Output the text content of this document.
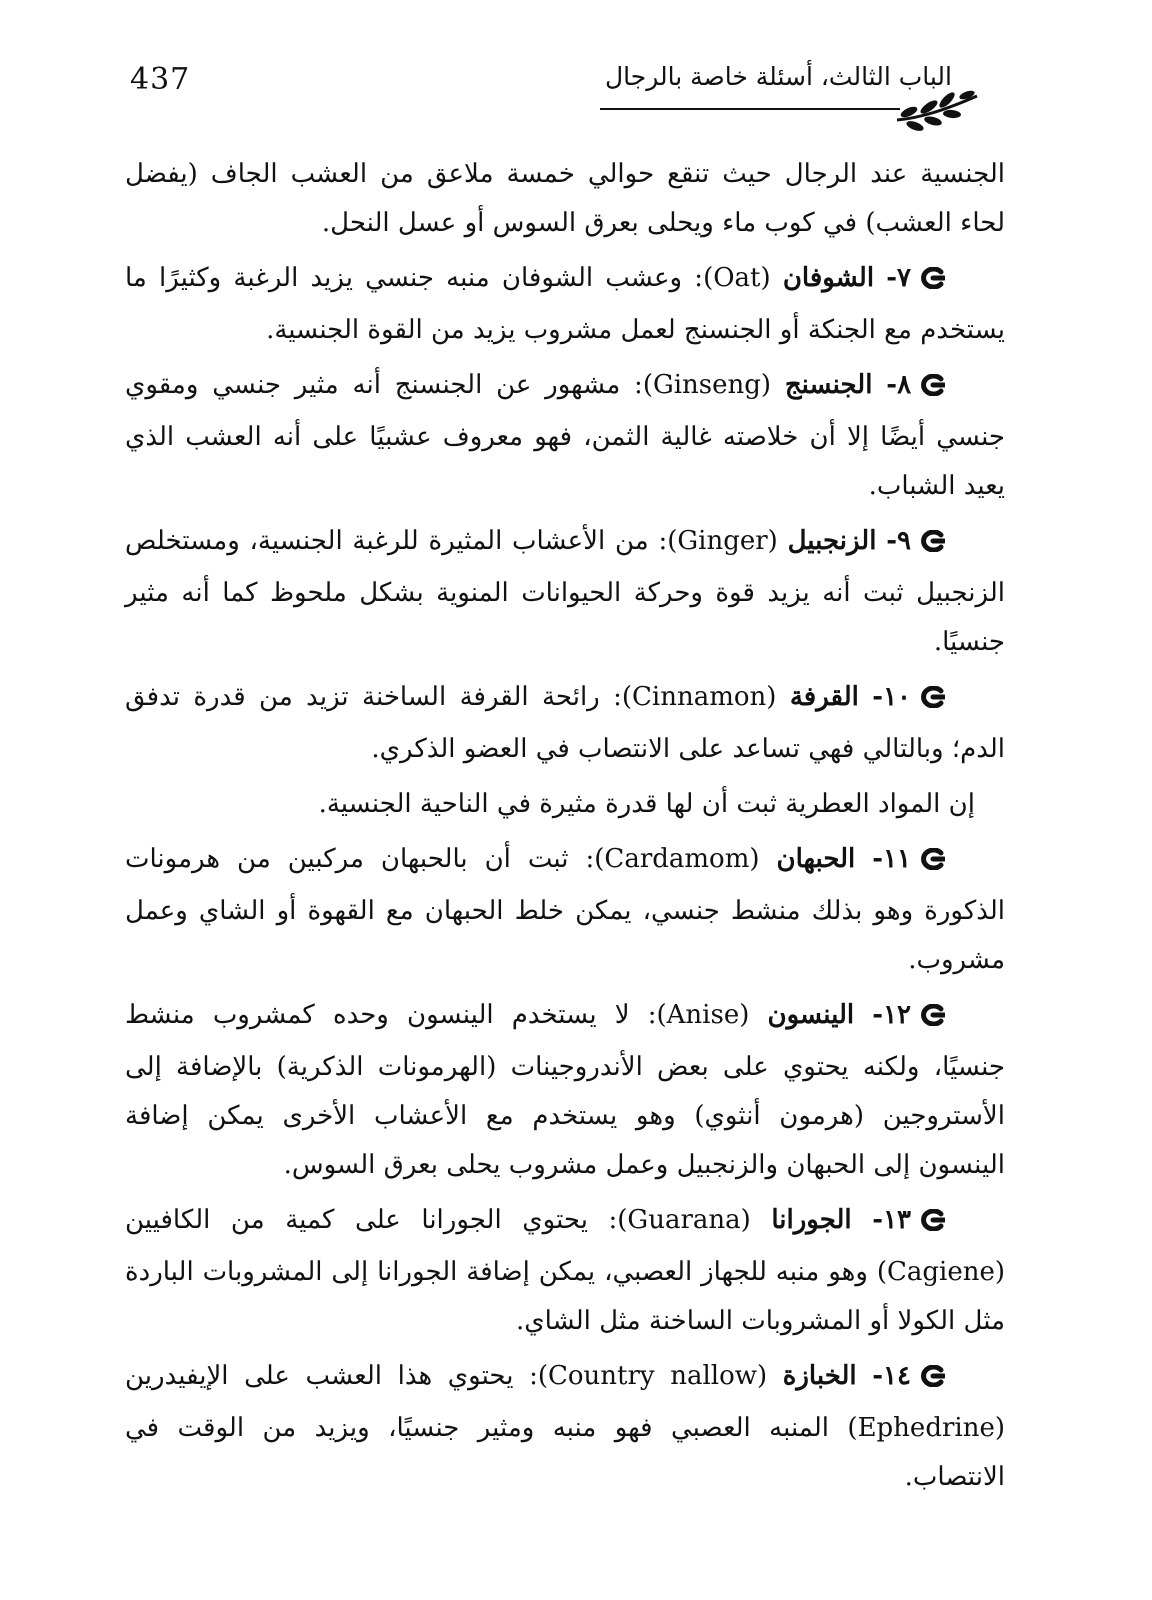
437	الباب الثالث، أسئلة خاصة بالرجال

الجنسية عند الرجال حيث تنقع حوالي خمسة ملاعق من العشب الجاف (يفضل لحاء العشب) في كوب ماء ويحلى بعرق السوس أو عسل النحل.

٧- الشوفان (Oat): وعشب الشوفان منبه جنسي يزيد الرغبة وكثيرًا ما يستخدم مع الجنكة أو الجنسنج لعمل مشروب يزيد من القوة الجنسية.

٨- الجنسنج (Ginseng): مشهور عن الجنسنج أنه مثير جنسي ومقوي جنسي أيضًا إلا أن خلاصته غالية الثمن، فهو معروف عشبيًا على أنه العشب الذي يعيد الشباب.

٩- الزنجبيل (Ginger): من الأعشاب المثيرة للرغبة الجنسية، ومستخلص الزنجبيل ثبت أنه يزيد قوة وحركة الحيوانات المنوية بشكل ملحوظ كما أنه مثير جنسيًا.

١٠- القرفة (Cinnamon): رائحة القرفة الساخنة تزيد من قدرة تدفق الدم؛ وبالتالي فهي تساعد على الانتصاب في العضو الذكري.

إن المواد العطرية ثبت أن لها قدرة مثيرة في الناحية الجنسية.

١١- الحبهان (Cardamom): ثبت أن بالحبهان مركبين من هرمونات الذكورة وهو بذلك منشط جنسي، يمكن خلط الحبهان مع القهوة أو الشاي وعمل مشروب.

١٢- الينسون (Anise): لا يستخدم الينسون وحده كمشروب منشط جنسيًا، ولكنه يحتوي على بعض الأندروجينات (الهرمونات الذكرية) بالإضافة إلى الأستروجين (هرمون أنثوي) وهو يستخدم مع الأعشاب الأخرى يمكن إضافة الينسون إلى الحبهان والزنجبيل وعمل مشروب يحلى بعرق السوس.

١٣- الجورانا (Guarana): يحتوي الجورانا على كمية من الكافيين (Cagiene) وهو منبه للجهاز العصبي، يمكن إضافة الجورانا إلى المشروبات الباردة مثل الكولا أو المشروبات الساخنة مثل الشاي.

١٤- الخبازة (Country nallow): يحتوي هذا العشب على الإيفيدرين (Ephedrine) المنبه العصبي فهو منبه ومثير جنسيًا، ويزيد من الوقت في الانتصاب.
